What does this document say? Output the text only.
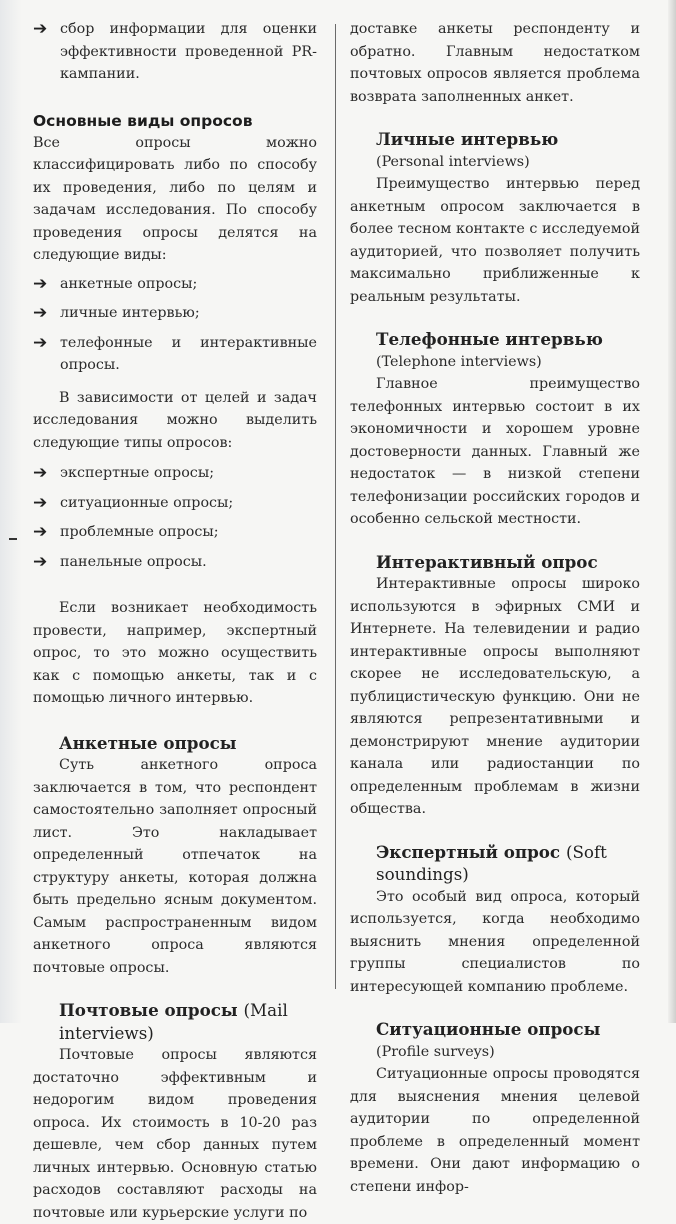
➔ сбор информации для оценки эффективности проведенной PR-кампании.
Основные виды опросов

Все опросы можно классифицировать либо по способу их проведения, либо по целям и задачам исследования. По способу проведения опросы делятся на следующие виды:

➔ анкетные опросы;
➔ личные интервью;
➔ телефонные и интерактивные опросы.

В зависимости от целей и задач исследования можно выделить следующие типы опросов:

➔ экспертные опросы;
➔ ситуационные опросы;
➔ проблемные опросы;
➔ панельные опросы.

Если возникает необходимость провести, например, экспертный опрос, то это можно осуществить как с помощью анкеты, так и с помощью личного интервью.

Анкетные опросы

Суть анкетного опроса заключается в том, что респондент самостоятельно заполняет опросный лист. Это накладывает определенный отпечаток на структуру анкеты, которая должна быть предельно ясным документом. Самым распространенным видом анкетного опроса являются почтовые опросы.

Почтовые опросы (Mail interviews)

Почтовые опросы являются достаточно эффективным и недорогим видом проведения опроса. Их стоимость в 10-20 раз дешевле, чем сбор данных путем личных интервью. Основную статью расходов составляют расходы на почтовые или курьерские услуги по

доставке анкеты респонденту и обратно. Главным недостатком почтовых опросов является проблема возврата заполненных анкет.

Личные интервью

(Personal interviews)

Преимущество интервью перед анкетным опросом заключается в более тесном контакте с исследуемой аудиторией, что позволяет получить максимально приближенные к реальным результаты.

Телефонные интервью

(Telephone interviews)

Главное преимущество телефонных интервью состоит в их экономичности и хорошем уровне достоверности данных. Главный же недостаток — в низкой степени телефонизации российских городов и особенно сельской местности.

Интерактивный опрос

Интерактивные опросы широко используются в эфирных СМИ и Интернете. На телевидении и радио интерактивные опросы выполняют скорее не исследовательскую, а публицистическую функцию. Они не являются репрезентативными и демонстрируют мнение аудитории канала или радиостанции по определенным проблемам в жизни общества.

Экспертный опрос (Soft soundings)

Это особый вид опроса, который используется, когда необходимо выяснить мнения определенной группы специалистов по интересующей компанию проблеме.

Ситуационные опросы

(Profile surveys)

Ситуационные опросы проводятся для выяснения мнения целевой аудитории по определенной проблеме в определенный момент времени. Они дают информацию о степени инфор-
